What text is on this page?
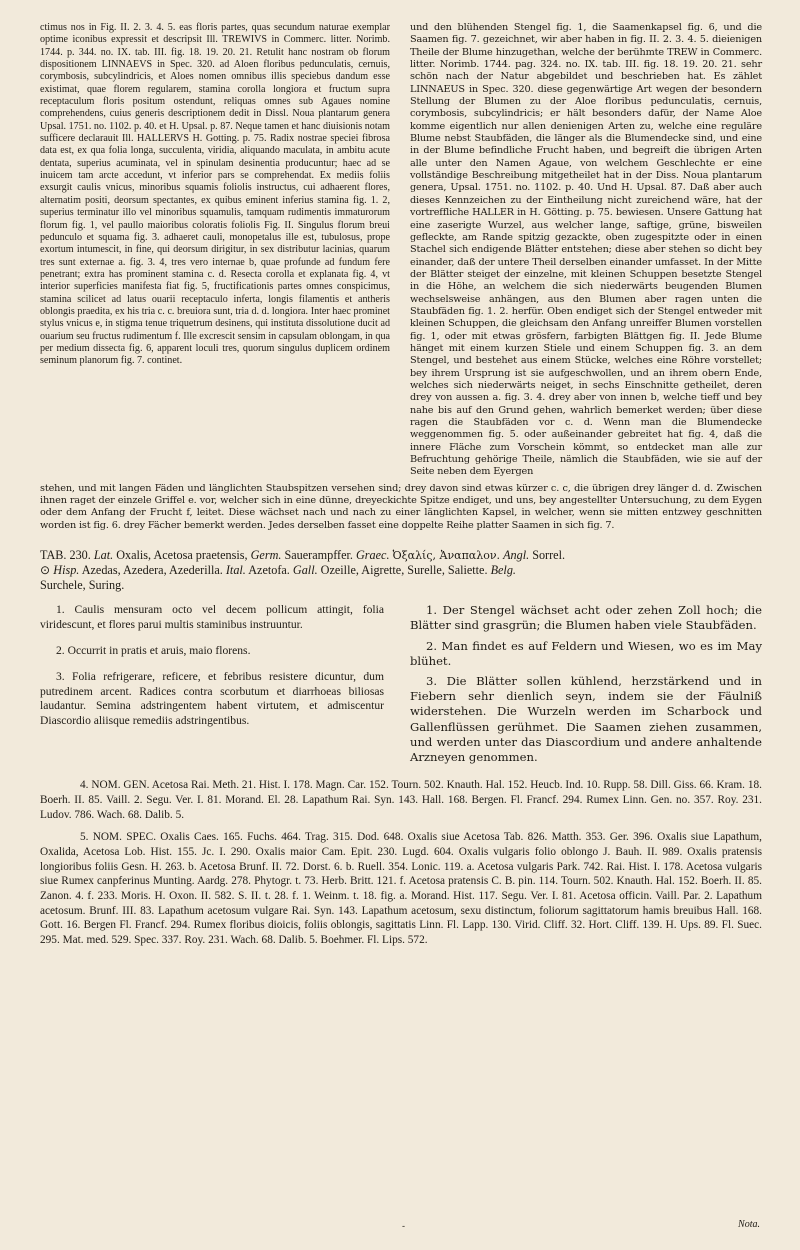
ctimus nos in Fig. II. 2. 3. 4. 5. eas floris partes, quas secundum naturae exemplar optime iconibus expressit et descripsit Ill. TREWIVS in Commerc. litter. Norimb. 1744. p. 344. no. IX. tab. III. fig. 18. 19. 20. 21. Retulit hanc nostram ob florum dispositionem LINNAEVS in Spec. 320. ad Aloen floribus pedunculatis, cernuis, corymbosis, subcylindricis, et Aloes nomen omnibus illis speciebus dandum esse existimat, quae florem regularem, stamina corolla longiora et fructum supra receptaculum floris positum ostendunt, reliquas omnes sub Agaues nomine comprehendens, cuius generis descriptionem dedit in Dissl. Noua plantarum genera Upsal. 1751. no. 1102. p. 40. et H. Upsal. p. 87. Neque tamen et hanc diuisionis notam sufficere declarauit Ill. HALLERVS H. Gotting. p. 75. Radix nostrae speciei fibrosa data est, ex qua folia longa, succulenta, viridia, aliquando maculata, in ambitu acute dentata, superius acuminata, vel in spinulam desinentia producuntur; haec ad se inuicem tam arcte accedunt, vt inferior pars se comprehendat. Ex mediis foliis exsurgit caulis vnicus, minoribus squamis foliolis instructus, cui adhaerent flores, alternatim positi, deorsum spectantes, ex quibus eminent inferius stamina fig. 1. 2, superius terminatur illo vel minoribus squamulis, tamquam rudimentis immaturorum florum fig. 1, vel paullo maioribus coloratis foliolis Fig. II. Singulus florum breui pedunculo et squama fig. 3. adhaeret cauli, monopetalus ille est, tubulosus, prope exortum intumescit, in fine, qui deorsum dirigitur, in sex distributur lacinias, quarum tres sunt externae a. fig. 3. 4, tres vero internae b, quae profunde ad fundum fere penetrant; extra has prominent stamina c. d. Resecta corolla et explanata fig. 4, vt interior superficies manifesta fiat fig. 5, fructificationis partes omnes conspicimus, stamina scilicet ad latus ouarii receptaculo inferta, longis filamentis et antheris oblongis praedita, ex his tria c. c. breuiora sunt, tria d. d. longiora. Inter haec prominet stylus vnicus e, in stigma tenue triquetrum desinens, qui instituta dissolutione ducit ad ouarium seu fructus rudimentum f. Ille excrescit sensim in capsulam oblongam, in qua per medium dissecta fig. 6, apparent loculi tres, quorum singulus duplicem ordinem seminum planorum fig. 7. continet.

und den blühenden Stengel fig. 1, die Saamenkapsel fig. 6, und die Saamen fig. 7. gezeichnet, wir aber haben in fig. II. 2. 3. 4. 5. dieienigen Theile der Blume hinzugethan, welche der berühmte TREW in Commerc. litter. Norimb. 1744. pag. 324. no. IX. tab. III. fig. 18. 19. 20. 21. sehr schön nach der Natur abgebildet und beschrieben hat. Es zählet LINNAEUS in Spec. 320. diese gegenwärtige Art wegen der besondern Stellung der Blumen zu der Aloe floribus pedunculatis, cernuis, corymbosis, subcylindricis; er hält besonders dafür, der Name Aloe komme eigentlich nur allen denienigen Arten zu, welche eine reguläre Blume nebst Staubfäden, die länger als die Blumendecke sind, und eine in der Blume befindliche Frucht haben, und begreift die übrigen Arten alle unter den Namen Agaue, von welchem Geschlechte er eine vollständige Beschreibung mitgetheilet hat in der Diss. Noua plantarum genera, Upsal. 1751. no. 1102. p. 40. Und H. Upsal. 87. Daß aber auch dieses Kennzeichen zu der Eintheilung nicht zureichend wäre, hat der vortreffliche HALLER in H. Götting. p. 75. bewiesen. Unsere Gattung hat eine zaserigte Wurzel, aus welcher lange, saftige, grüne, bisweilen gefleckte, am Rande spitzig gezackte, oben zugespitzte oder in einen Stachel sich endigende Blätter entstehen; diese aber stehen so dicht bey einander, daß der untere Theil derselben einander umfasset. In der Mitte der Blätter steiget der einzelne, mit kleinen Schuppen besetzte Stengel in die Höhe, an welchem die sich niederwärts beugenden Blumen wechselsweise anhängen, aus den Blumen aber ragen unten die Staubfäden fig. 1. 2. herfür. Oben endiget sich der Stengel entweder mit kleinen Schuppen, die gleichsam den Anfang unreiffer Blumen vorstellen fig. 1, oder mit etwas grösfern, farbigten Blättgen fig. II. Jede Blume hänget mit einem kurzen Stiele und einem Schuppen fig. 3. an dem Stengel, und bestehet aus einem Stücke, welches eine Röhre vorstellet; bey ihrem Ursprung ist sie aufgeschwollen, und an ihrem obern Ende, welches sich niederwärts neiget, in sechs Einschnitte getheilet, deren drey von aussen a. fig. 3. 4. drey aber von innen b, welche tieff und bey nahe bis auf den Grund gehen, wahrlich bemerket werden; über diese ragen die Staubfäden vor c. d. Wenn man die Blumendecke weggenommen fig. 5. oder außeinander gebreitet hat fig. 4, daß die innere Fläche zum Vorschein kömmt, so entdecket man alle zur Befruchtung gehörige Theile, nämlich die Staubfäden, wie sie auf der Seite neben dem Eyergen

stehen, und mit langen Fäden und länglichten Staubspitzen versehen sind; drey davon sind etwas kürzer c. c, die übrigen drey länger d. d. Zwischen ihnen raget der einzele Griffel e. vor, welcher sich in eine dünne, dreyeckichte Spitze endiget, und uns, bey angestellter Untersuchung, zu dem Eygen oder dem Anfang der Frucht f, leitet. Diese wächset nach und nach zu einer länglichten Kapsel, in welcher, wenn sie mitten entzwey geschnitten worden ist fig. 6. drey Fächer bemerkt werden. Jedes derselben fasset eine doppelte Reihe platter Saamen in sich fig. 7.

TAB. 230. Lat. Oxalis, Acetosa praetensis, Germ. Sauerampffer. Graec. Ὀξαλίς, Ἀναπαλον. Angl. Sorrel.
⊙ Hisp. Azedas, Azedera, Azederilla. Ital. Azetofa. Gall. Ozeille, Aigrette, Surelle, Saliette. Belg.
Surchele, Suring.

1. Caulis mensuram octo vel decem pollicum attingit, folia viridescunt, et flores parui multis staminibus instruuntur.

2. Occurrit in pratis et aruis, maio florens.

3. Folia refrigerare, reficere, et febribus resistere dicuntur, dum putredinem arcent. Radices contra scorbutum et diarrhoeas biliosas laudantur. Semina adstringentem habent virtutem, et admiscentur Diascordio aliisque remediis adstringentibus.

1. Der Stengel wächset acht oder zehen Zoll hoch; die Blätter sind grasgrün; die Blumen haben viele Staubfäden.

2. Man findet es auf Feldern und Wiesen, wo es im May blühet.

3. Die Blätter sollen kühlend, herzstärkend und in Fiebern sehr dienlich seyn, indem sie der Fäulniß widerstehen. Die Wurzeln werden im Scharbock und Gallenflüssen gerühmet. Die Saamen ziehen zusammen, und werden unter das Diascordium und andere anhaltende Arzneyen genommen.

4. NOM. GEN. Acetosa Rai. Meth. 21. Hist. I. 178. Magn. Car. 152. Tourn. 502. Knauth. Hal. 152. Heucb. Ind. 10. Rupp. 58. Dill. Giss. 66. Kram. 18. Boerh. II. 85. Vaill. 2. Segu. Ver. I. 81. Morand. El. 28. Lapathum Rai. Syn. 143. Hall. 168. Bergen. Fl. Francf. 294. Rumex Linn. Gen. no. 357. Roy. 231. Ludov. 786. Wach. 68. Dalib. 5.

5. NOM. SPEC. Oxalis Caes. 165. Fuchs. 464. Trag. 315. Dod. 648. Oxalis siue Acetosa Tab. 826. Matth. 353. Ger. 396. Oxalis siue Lapathum, Oxalida, Acetosa Lob. Hist. 155. Jc. I. 290. Oxalis maior Cam. Epit. 230. Lugd. 604. Oxalis vulgaris folio oblongo J. Bauh. II. 989. Oxalis pratensis longioribus foliis Gesn. H. 263. b. Acetosa Brunf. II. 72. Dorst. 6. b. Ruell. 354. Lonic. 119. a. Acetosa vulgaris Park. 742. Rai. Hist. I. 178. Acetosa vulgaris siue Rumex canpferinus Munting. Aardg. 278. Phytogr. t. 73. Herb. Britt. 121. f. Acetosa pratensis C. B. pin. 114. Tourn. 502. Knauth. Hal. 152. Boerh. II. 85. Zanon. 4. f. 233. Moris. H. Oxon. II. 582. S. II. t. 28. f. 1. Weinm. t. 18. fig. a. Morand. Hist. 117. Segu. Ver. I. 81. Acetosa officin. Vaill. Par. 2. Lapathum acetosum. Brunf. III. 83. Lapathum acetosum vulgare Rai. Syn. 143. Lapathum acetosum, sexu distinctum, foliorum sagittatorum hamis breuibus Hall. 168. Gott. 16. Bergen Fl. Francf. 294. Rumex floribus dioicis, foliis oblongis, sagittatis Linn. Fl. Lapp. 130. Virid. Cliff. 32. Hort. Cliff. 139. H. Ups. 89. Fl. Suec. 295. Mat. med. 529. Spec. 337. Roy. 231. Wach. 68. Dalib. 5. Boehmer. Fl. Lips. 572.

-	Nota.
